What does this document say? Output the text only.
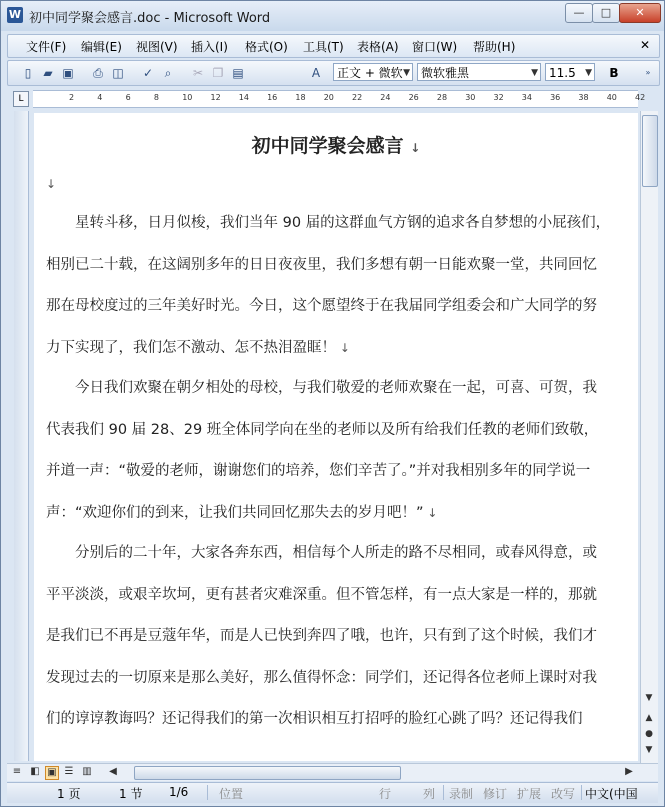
W 初中同学聚会感言.doc - Microsoft Word	—	□	✕
文件(F) 编辑(E) 视图(V) 插入(I) 格式(O) 工具(T) 表格(A) 窗口(W) 帮助(H)	✕
▯	▰ ▣ ⎙ ◫ ✓ ⌕	✂ ❐ ▤	A	正文 + 微软 ▼ 微软雅黑	▼ 11.5 ▼ B	»
L	2	4	6	8	10 12 14 16 18 20 22 24 26 28 30 32 34 36 38 40 42
初中同学聚会感言 ↓
↓
星转斗移，日月似梭，我们当年 90 届的这群血气方钢的追求各自梦想的小屁孩们，
相别已二十载，在这阔别多年的日日夜夜里，我们多想有朝一日能欢聚一堂，共同回忆
那在母校度过的三年美好时光。今日，这个愿望终于在我届同学组委会和广大同学的努
力下实现了，我们怎不激动、怎不热泪盈眶！ ↓
今日我们欢聚在朝夕相处的母校，与我们敬爱的老师欢聚在一起，可喜、可贺，我
代表我们 90 届 28、29 班全体同学向在坐的老师以及所有给我们任教的老师们致敬，
并道一声：“敬爱的老师，谢谢您们的培养，您们辛苦了。”并对我相别多年的同学说一
声：“欢迎你们的到来，让我们共同回忆那失去的岁月吧！” ↓
分别后的二十年，大家各奔东西，相信每个人所走的路不尽相同，或春风得意，或
平平淡淡，或艰辛坎坷，更有甚者灾难深重。但不管怎样，有一点大家是一样的，那就
是我们已不再是豆蔻年华，而是人已快到奔四了哦，也许，只有到了这个时候，我们才
发现过去的一切原来是那么美好，那么值得怀念：同学们，还记得各位老师上课时对我
们的谆谆教诲吗？还记得我们的第一次相识相互打招呼的脸红心跳了吗？还记得我们
▼
▲
●
▼
≡ ◧ ▣ ☰ ▥ ◀	▶
1 页	1 节 1/6	位置	行	列 录制 修订 扩展 改写 中文(中国
